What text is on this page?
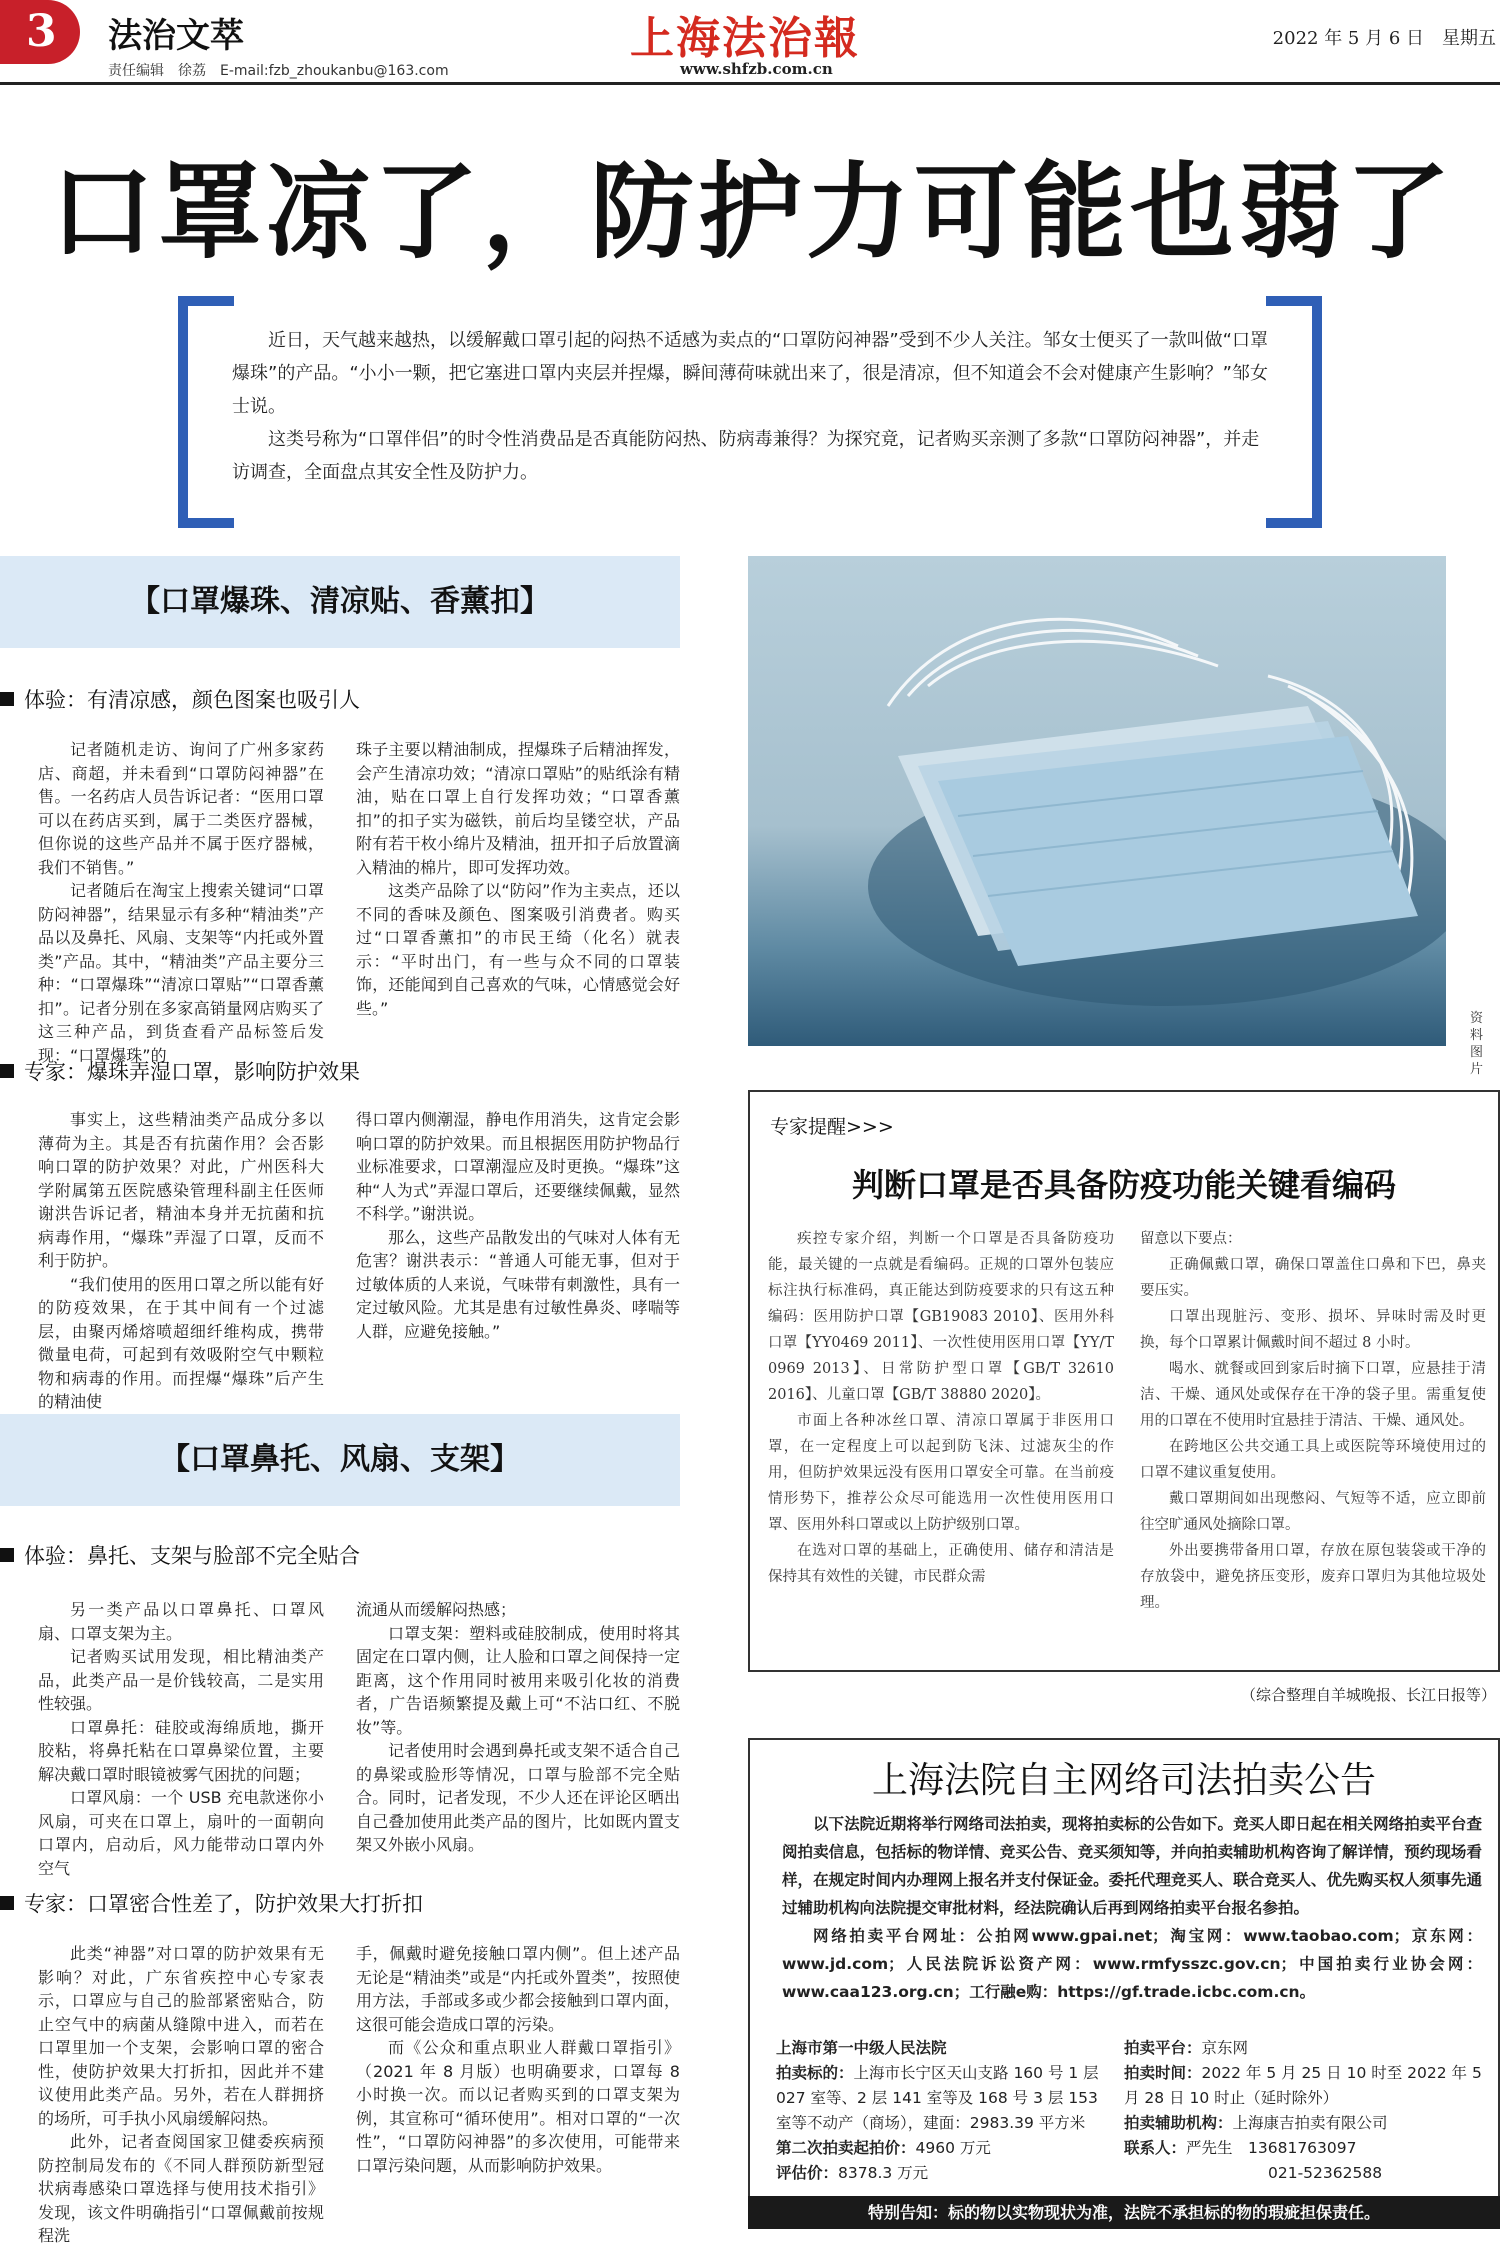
3 法治文萃
责任编辑　徐荔　E-mail:fzb_zhoukanbu@163.com
上海法治報
www.shfzb.com.cn
2022 年 5 月 6 日　星期五
口罩凉了，防护力可能也弱了

近日，天气越来越热，以缓解戴口罩引起的闷热不适感为卖点的“口罩防闷神器”受到不少人关注。邹女士便买了一款叫做“口罩爆珠”的产品。“小小一颗，把它塞进口罩内夹层并捏爆，瞬间薄荷味就出来了，很是清凉，但不知道会不会对健康产生影响？”邹女士说。

这类号称为“口罩伴侣”的时令性消费品是否真能防闷热、防病毒兼得？为探究竟，记者购买亲测了多款“口罩防闷神器”，并走访调查，全面盘点其安全性及防护力。

【口罩爆珠、清凉贴、香薰扣】
体验：有清凉感，颜色图案也吸引人

记者随机走访、询问了广州多家药店、商超，并未看到“口罩防闷神器”在售。一名药店人员告诉记者：“医用口罩可以在药店买到，属于二类医疗器械，但你说的这些产品并不属于医疗器械，我们不销售。”

记者随后在淘宝上搜索关键词“口罩防闷神器”，结果显示有多种“精油类”产品以及鼻托、风扇、支架等“内托或外置类”产品。其中，“精油类”产品主要分三种：“口罩爆珠”“清凉口罩贴”“口罩香薰扣”。记者分别在多家高销量网店购买了这三种产品，到货查看产品标签后发现：“口罩爆珠”的

珠子主要以精油制成，捏爆珠子后精油挥发，会产生清凉功效；“清凉口罩贴”的贴纸涂有精油，贴在口罩上自行发挥功效；“口罩香薰扣”的扣子实为磁铁，前后均呈镂空状，产品附有若干枚小绵片及精油，扭开扣子后放置滴入精油的棉片，即可发挥功效。

这类产品除了以“防闷”作为主卖点，还以不同的香味及颜色、图案吸引消费者。购买过“口罩香薰扣”的市民王绮（化名）就表示：“平时出门，有一些与众不同的口罩装饰，还能闻到自己喜欢的气味，心情感觉会好些。”

专家：爆珠弄湿口罩，影响防护效果

事实上，这些精油类产品成分多以薄荷为主。其是否有抗菌作用？会否影响口罩的防护效果？对此，广州医科大学附属第五医院感染管理科副主任医师谢洪告诉记者，精油本身并无抗菌和抗病毒作用，“爆珠”弄湿了口罩，反而不利于防护。

“我们使用的医用口罩之所以能有好的防疫效果，在于其中间有一个过滤层，由聚丙烯熔喷超细纤维构成，携带微量电荷，可起到有效吸附空气中颗粒物和病毒的作用。而捏爆“爆珠”后产生的精油使

得口罩内侧潮湿，静电作用消失，这肯定会影响口罩的防护效果。而且根据医用防护物品行业标准要求，口罩潮湿应及时更换。“爆珠”这种“人为式”弄湿口罩后，还要继续佩戴，显然不科学。”谢洪说。

那么，这些产品散发出的气味对人体有无危害？谢洪表示：“普通人可能无事，但对于过敏体质的人来说，气味带有刺激性，具有一定过敏风险。尤其是患有过敏性鼻炎、哮喘等人群，应避免接触。”

【口罩鼻托、风扇、支架】
体验：鼻托、支架与脸部不完全贴合

另一类产品以口罩鼻托、口罩风扇、口罩支架为主。

记者购买试用发现，相比精油类产品，此类产品一是价钱较高，二是实用性较强。

口罩鼻托：硅胶或海绵质地，撕开胶粘，将鼻托粘在口罩鼻梁位置，主要解决戴口罩时眼镜被雾气困扰的问题；

口罩风扇：一个 USB 充电款迷你小风扇，可夹在口罩上，扇叶的一面朝向口罩内，启动后，风力能带动口罩内外空气

流通从而缓解闷热感；

口罩支架：塑料或硅胶制成，使用时将其固定在口罩内侧，让人脸和口罩之间保持一定距离，这个作用同时被用来吸引化妆的消费者，广告语频繁提及戴上可“不沾口红、不脱妆”等。

记者使用时会遇到鼻托或支架不适合自己的鼻梁或脸形等情况，口罩与脸部不完全贴合。同时，记者发现，不少人还在评论区晒出自己叠加使用此类产品的图片，比如既内置支架又外嵌小风扇。

专家：口罩密合性差了，防护效果大打折扣

此类“神器”对口罩的防护效果有无影响？对此，广东省疾控中心专家表示，口罩应与自己的脸部紧密贴合，防止空气中的病菌从缝隙中进入，而若在口罩里加一个支架，会影响口罩的密合性，使防护效果大打折扣，因此并不建议使用此类产品。另外，若在人群拥挤的场所，可手执小风扇缓解闷热。

此外，记者查阅国家卫健委疾病预防控制局发布的《不同人群预防新型冠状病毒感染口罩选择与使用技术指引》发现，该文件明确指引“口罩佩戴前按规程洗

手，佩戴时避免接触口罩内侧”。但上述产品无论是“精油类”或是“内托或外置类”，按照使用方法，手部或多或少都会接触到口罩内面，这很可能会造成口罩的污染。

而《公众和重点职业人群戴口罩指引》（2021 年 8 月版）也明确要求，口罩每 8 小时换一次。而以记者购买到的口罩支架为例，其宣称可“循环使用”。相对口罩的“一次性”，“口罩防闷神器”的多次使用，可能带来口罩污染问题，从而影响防护效果。

资料图片
专家提醒>>>
判断口罩是否具备防疫功能关键看编码

疾控专家介绍，判断一个口罩是否具备防疫功能，最关键的一点就是看编码。正规的口罩外包装应标注执行标准码，真正能达到防疫要求的只有这五种编码：医用防护口罩【GB19083 2010】、医用外科口罩【YY0469 2011】、一次性使用医用口罩【YY/T 0969 2013】、日常防护型口罩【GB/T 32610 2016】、儿童口罩【GB/T 38880 2020】。

市面上各种冰丝口罩、清凉口罩属于非医用口罩，在一定程度上可以起到防飞沫、过滤灰尘的作用，但防护效果远没有医用口罩安全可靠。在当前疫情形势下，推荐公众尽可能选用一次性使用医用口罩、医用外科口罩或以上防护级别口罩。

在选对口罩的基础上，正确使用、储存和清洁是保持其有效性的关键，市民群众需

留意以下要点：

正确佩戴口罩，确保口罩盖住口鼻和下巴，鼻夹要压实。

口罩出现脏污、变形、损坏、异味时需及时更换，每个口罩累计佩戴时间不超过 8 小时。

喝水、就餐或回到家后时摘下口罩，应悬挂于清洁、干燥、通风处或保存在干净的袋子里。需重复使用的口罩在不使用时宜悬挂于清洁、干燥、通风处。

在跨地区公共交通工具上或医院等环境使用过的口罩不建议重复使用。

戴口罩期间如出现憋闷、气短等不适，应立即前往空旷通风处摘除口罩。

外出要携带备用口罩，存放在原包装袋或干净的存放袋中，避免挤压变形，废弃口罩归为其他垃圾处理。

（综合整理自羊城晚报、长江日报等）
上海法院自主网络司法拍卖公告

以下法院近期将举行网络司法拍卖，现将拍卖标的公告如下。竞买人即日起在相关网络拍卖平台查阅拍卖信息，包括标的物详情、竞买公告、竞买须知等，并向拍卖辅助机构咨询了解详情，预约现场看样，在规定时间内办理网上报名并支付保证金。委托代理竞买人、联合竞买人、优先购买权人须事先通过辅助机构向法院提交审批材料，经法院确认后再到网络拍卖平台报名参拍。

网络拍卖平台网址：公拍网www.gpai.net；淘宝网：www.taobao.com；京东网：www.jd.com；人民法院诉讼资产网：www.rmfysszc.gov.cn；中国拍卖行业协会网：www.caa123.org.cn；工行融e购：https://gf.trade.icbc.com.cn。

上海市第一中级人民法院
拍卖标的：上海市长宁区天山支路 160 号 1 层 027 室等、2 层 141 室等及 168 号 3 层 153 室等不动产（商场），建面：2983.39 平方米
第二次拍卖起拍价：4960 万元
评估价：8378.3 万元
拍卖平台：京东网
拍卖时间：2022 年 5 月 25 日 10 时至 2022 年 5 月 28 日 10 时止（延时除外）
拍卖辅助机构：上海康吉拍卖有限公司
联系人：严先生　13681763097
021-52362588
特别告知：标的物以实物现状为准，法院不承担标的物的瑕疵担保责任。
